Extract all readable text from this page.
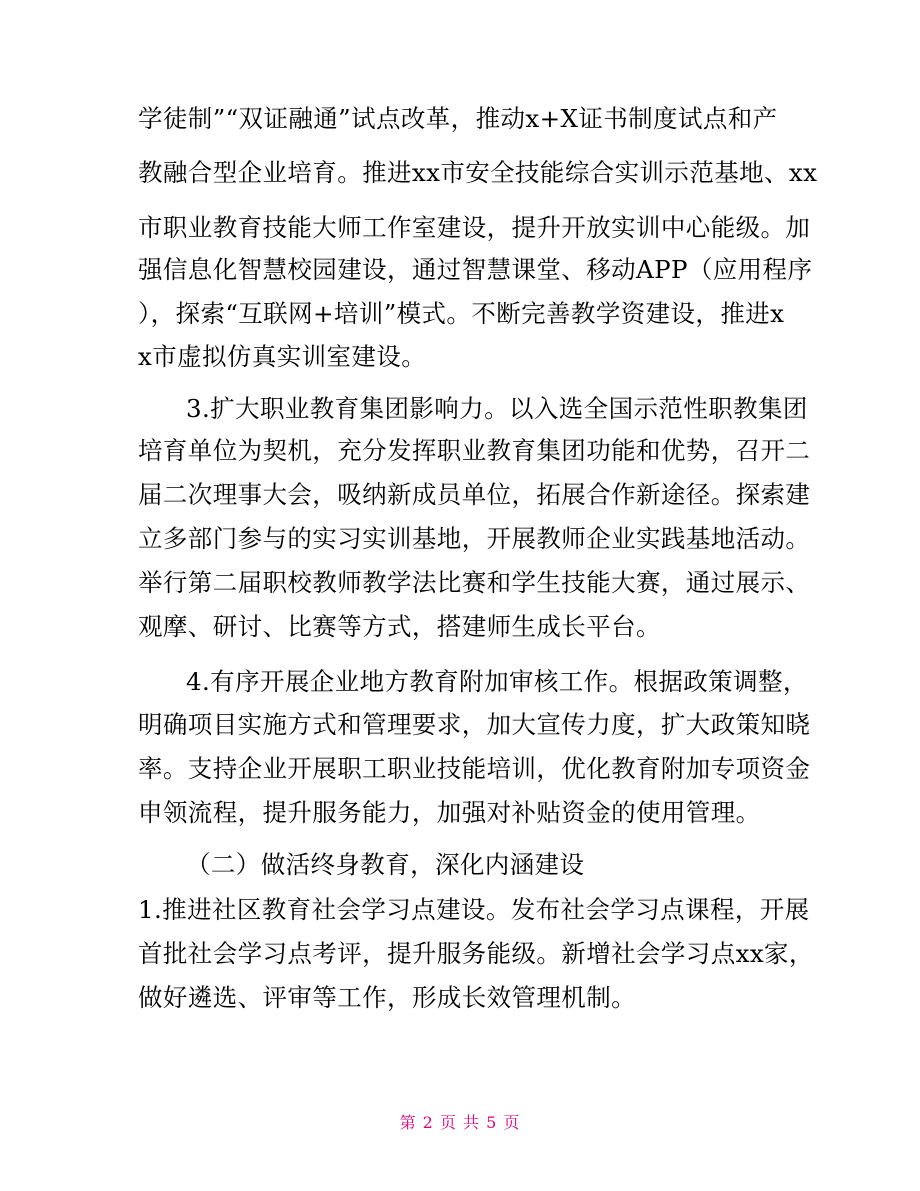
学徒制”“双证融通”试点改革，推动x+X证书制度试点和产
教融合型企业培育。推进xx市安全技能综合实训示范基地、xx
市职业教育技能大师工作室建设，提升开放实训中心能级。加
强信息化智慧校园建设，通过智慧课堂、移动APP（应用程序
），探索“互联网+培训”模式。不断完善教学资建设，推进x
x市虚拟仿真实训室建设。
3.扩大职业教育集团影响力。以入选全国示范性职教集团
培育单位为契机，充分发挥职业教育集团功能和优势，召开二
届二次理事大会，吸纳新成员单位，拓展合作新途径。探索建
立多部门参与的实习实训基地，开展教师企业实践基地活动。
举行第二届职校教师教学法比赛和学生技能大赛，通过展示、
观摩、研讨、比赛等方式，搭建师生成长平台。
4.有序开展企业地方教育附加审核工作。根据政策调整，
明确项目实施方式和管理要求，加大宣传力度，扩大政策知晓
率。支持企业开展职工职业技能培训，优化教育附加专项资金
申领流程，提升服务能力，加强对补贴资金的使用管理。
（二）做活终身教育，深化内涵建设
1.推进社区教育社会学习点建设。发布社会学习点课程，开展
首批社会学习点考评，提升服务能级。新增社会学习点xx家，
做好遴选、评审等工作，形成长效管理机制。
第 2 页 共 5 页
